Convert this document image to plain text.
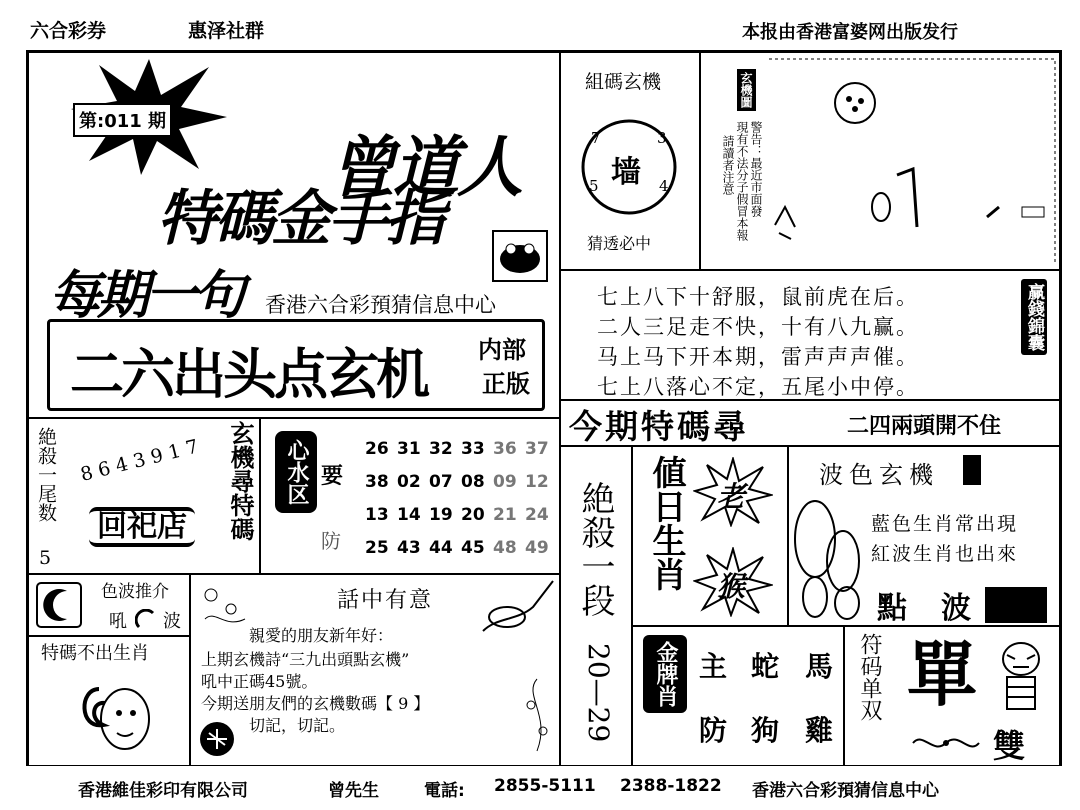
六合彩券	惠泽社群	本报由香港富婆网出版发行
第:011 期
曾道人
特碼金手指
每期一句 香港六合彩預猜信息中心
二六出头点玄机 内部
正版
組碼玄機
墙
7	3
5	4
猜透必中
玄機圖
警告：最近市面發
現有不法分子假冒本報
請讀者注意
七上八下十舒服，鼠前虎在后。
二人三足走不快，十有八九赢。
马上马下开本期，雷声声声催。
七上八落心不定，五尾小中停。
赢錢錦囊
絶殺一尾数
5
8643917
回祀店	玄機尋特碼	心水区 要
防
26 31 32 33 36 37
38 02 07 08 09 12
13 14 19 20 21 24
25 43 44 45 48 49
今期特碼尋	二四兩頭開不住
絶殺一段
20—29
値日生肖 老
猴
波色玄機
藍色生肖常出現
紅波生肖也出來
點 波
金牌肖 主 蛇 馬
防 狗 雞
符码单双 單
雙
色波推介
吼 波
特碼不出生肖
話中有意
親愛的朋友新年好：
上期玄機詩“三九出頭點玄機”
吼中正碼45號。
今期送朋友們的玄機數碼【 9 】
切記，切記。
香港維佳彩印有限公司	曾先生	電話: 2855-5111 2388-1822 香港六合彩預猜信息中心
